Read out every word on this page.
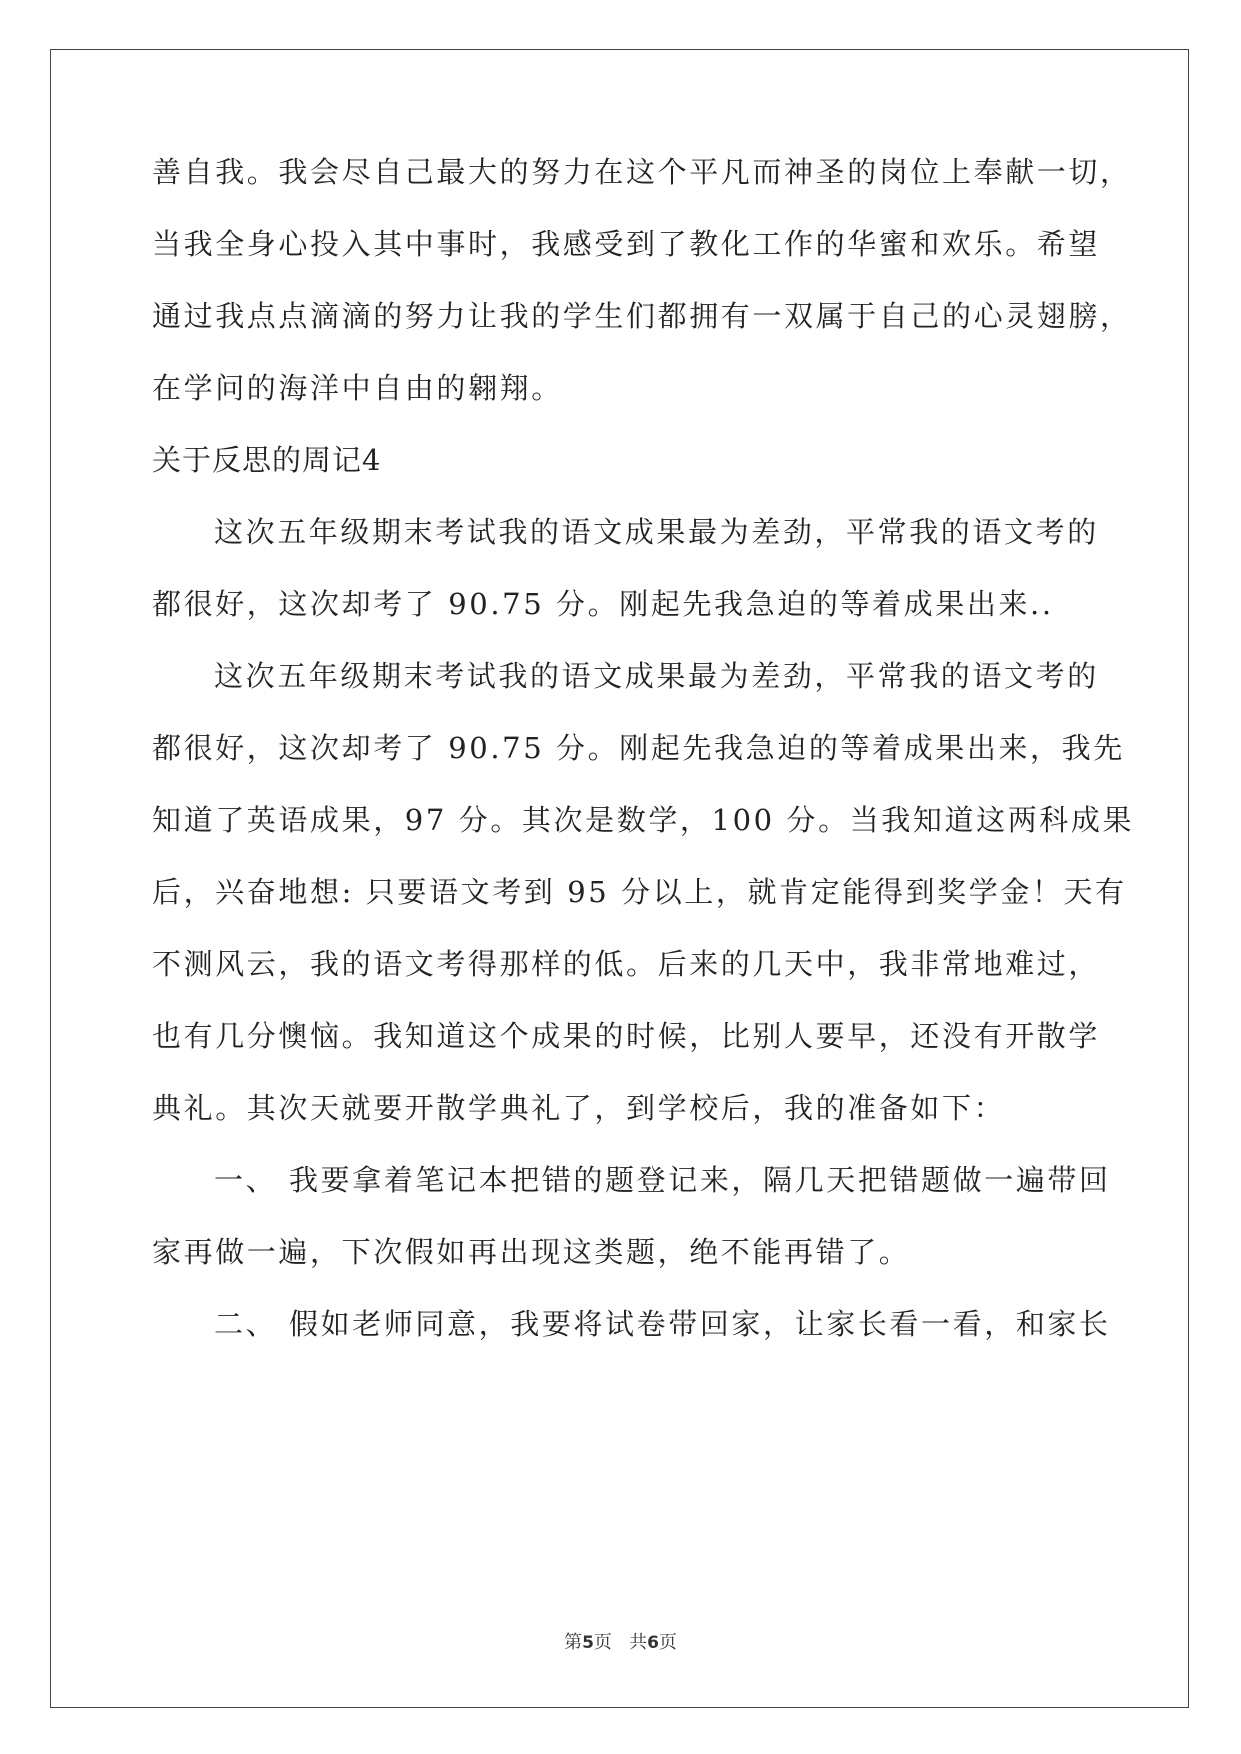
善自我。我会尽自己最大的努力在这个平凡而神圣的岗位上奉献一切，
当我全身心投入其中事时，我感受到了教化工作的华蜜和欢乐。希望
通过我点点滴滴的努力让我的学生们都拥有一双属于自己的心灵翅膀，
在学问的海洋中自由的翱翔。
关于反思的周记4
这次五年级期末考试我的语文成果最为差劲，平常我的语文考的
都很好，这次却考了 90.75 分。刚起先我急迫的等着成果出来..
这次五年级期末考试我的语文成果最为差劲，平常我的语文考的
都很好，这次却考了 90.75 分。刚起先我急迫的等着成果出来，我先
知道了英语成果，97 分。其次是数学，100 分。当我知道这两科成果
后，兴奋地想: 只要语文考到 95 分以上，就肯定能得到奖学金！天有
不测风云，我的语文考得那样的低。后来的几天中，我非常地难过，
也有几分懊恼。我知道这个成果的时候，比别人要早，还没有开散学
典礼。其次天就要开散学典礼了，到学校后，我的准备如下：
一、 我要拿着笔记本把错的题登记来，隔几天把错题做一遍带回
家再做一遍，下次假如再出现这类题，绝不能再错了。
二、 假如老师同意，我要将试卷带回家，让家长看一看，和家长
第5页   共6页
